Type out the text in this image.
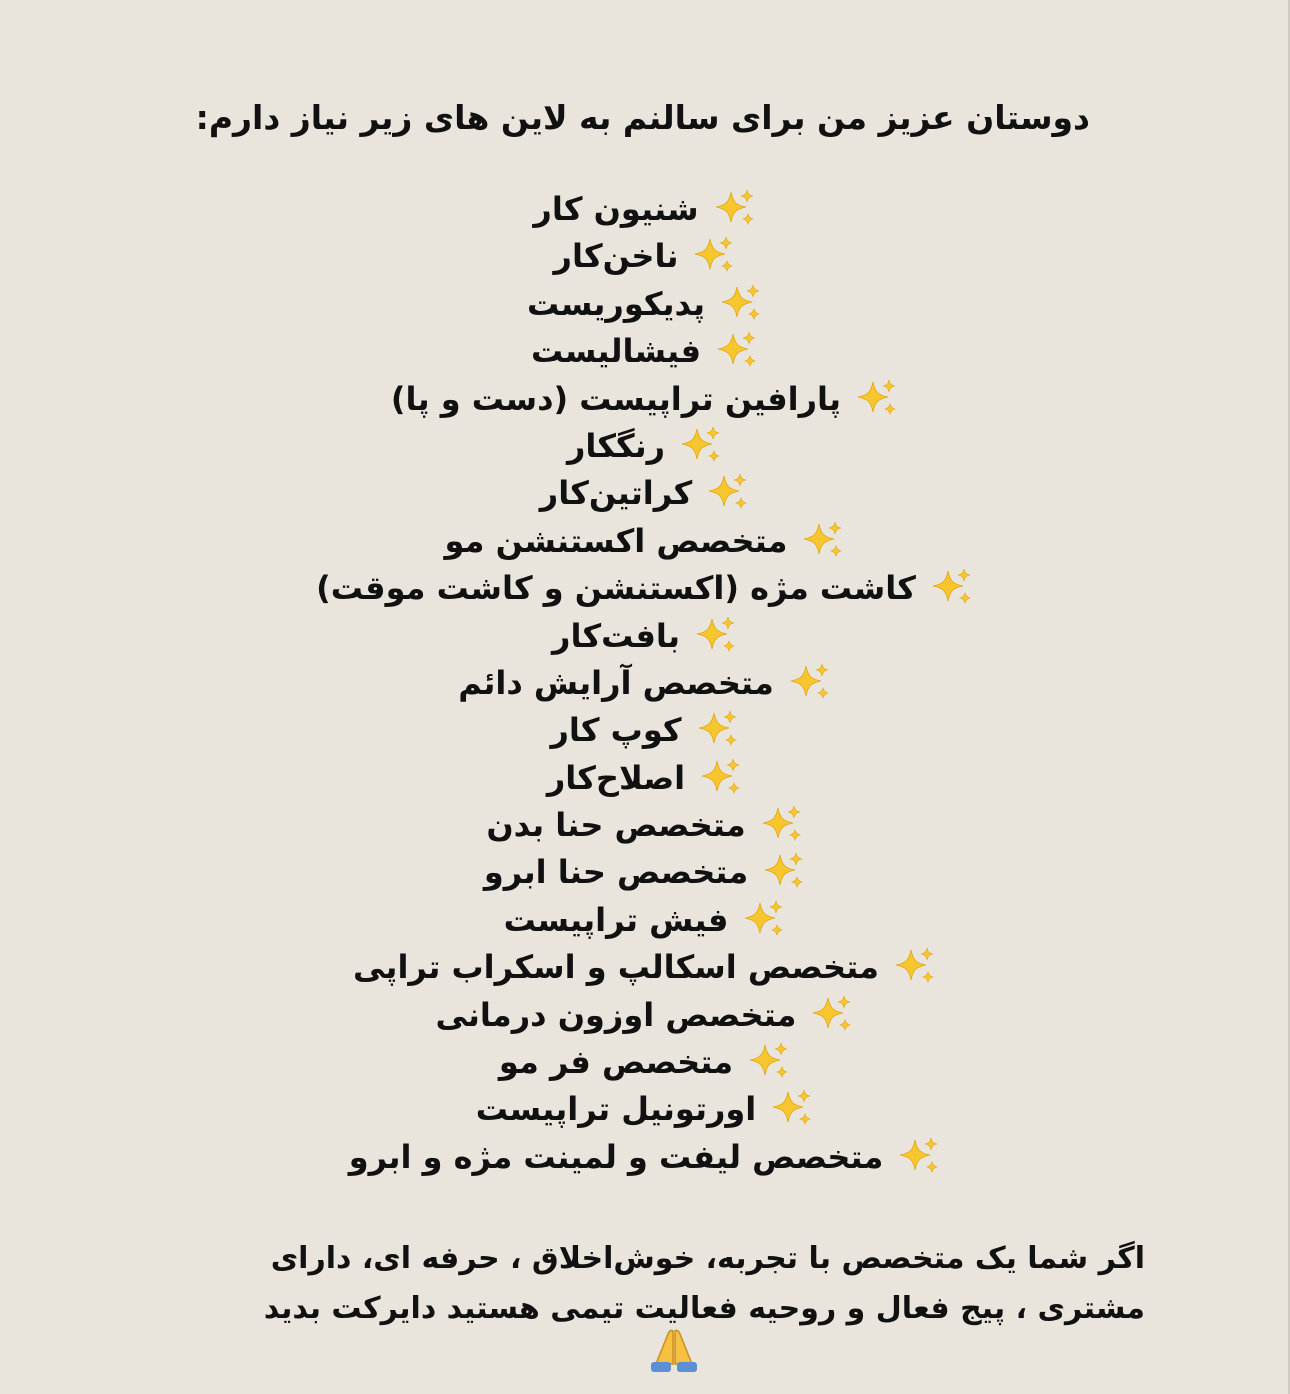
دوستان عزیز من برای سالنم به لاین های زیر نیاز دارم:

شنیون کار
ناخن‌کار
پدیکوریست
فیشالیست
پارافین تراپیست (دست و پا)
رنگکار
کراتین‌کار
متخصص اکستنشن مو
کاشت مژه (اکستنشن و کاشت موقت)
بافت‌کار
متخصص آرایش دائم
کوپ کار
اصلاح‌کار
متخصص حنا بدن
متخصص حنا ابرو
فیش تراپیست
متخصص اسکالپ و اسکراب تراپی
متخصص اوزون درمانی
متخصص فر مو
اورتونیل تراپیست
متخصص لیفت و لمینت مژه و ابرو

اگر شما یک متخصص با تجربه، خوش‌اخلاق ، حرفه ای، دارای مشتری ، پیج فعال و روحیه فعالیت تیمی هستید دایرکت بدید
